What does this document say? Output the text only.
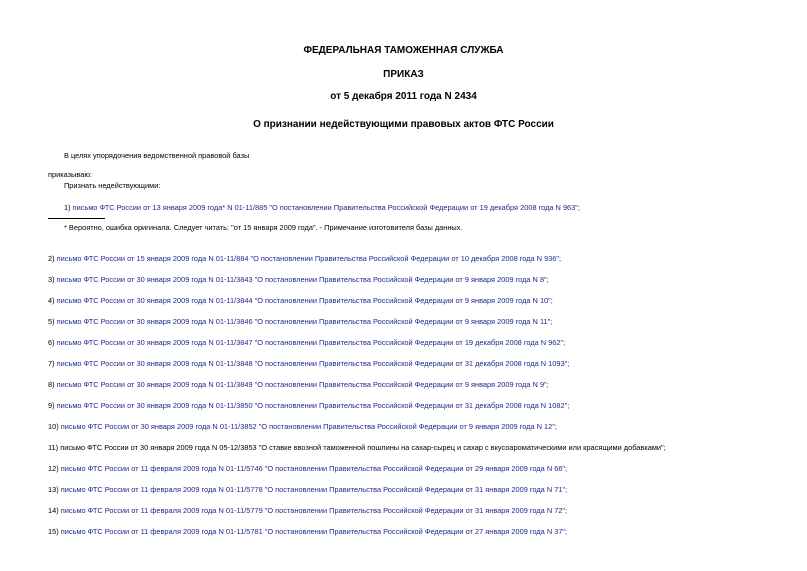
ФЕДЕРАЛЬНАЯ ТАМОЖЕННАЯ СЛУЖБА
ПРИКАЗ
от 5 декабря 2011 года N 2434
О признании недействующими правовых актов ФТС России
В целях упорядочения ведомственной правовой базы
приказываю:
Признать недействующими:
1) письмо ФТС России от 13 января 2009 года* N 01-11/885 "О постановлении Правительства Российской Федерации от 19 декабря 2008 года N 963";
* Вероятно, ошибка оригинала. Следует читать: "от 15 января 2009 года". - Примечание изготовителя базы данных.
2) письмо ФТС России от 15 января 2009 года N 01-11/884 "О постановлении Правительства Российской Федерации от 10 декабря 2008 года N 936";
3) письмо ФТС России от 30 января 2009 года N 01-11/3843 "О постановлении Правительства Российской Федерации от 9 января 2009 года N 8";
4) письмо ФТС России от 30 января 2009 года N 01-11/3844 "О постановлении Правительства Российской Федерации от 9 января 2009 года N 10";
5) письмо ФТС России от 30 января 2009 года N 01-11/3846 "О постановлении Правительства Российской Федерации от 9 января 2009 года N 11";
6) письмо ФТС России от 30 января 2009 года N 01-11/3847 "О постановлении Правительства Российской Федерации от 19 декабря 2008 года N 962";
7) письмо ФТС России от 30 января 2009 года N 01-11/3848 "О постановлении Правительства Российской Федерации от 31 декабря 2008 года N 1093";
8) письмо ФТС России от 30 января 2009 года N 01-11/3849 "О постановлении Правительства Российской Федерации от 9 января 2009 года N 9";
9) письмо ФТС России от 30 января 2009 года N 01-11/3850 "О постановлении Правительства Российской Федерации от 31 декабря 2008 года N 1082";
10) письмо ФТС России от 30 января 2009 года N 01-11/3852 "О постановлении Правительства Российской Федерации от 9 января 2009 года N 12";
11) письмо ФТС России от 30 января 2009 года N 05-12/3853 "О ставке ввозной таможенной пошлины на сахар-сырец и сахар с вкусоароматическими или красящими добавками";
12) письмо ФТС России от 11 февраля 2009 года N 01-11/5746 "О постановлении Правительства Российской Федерации от 29 января 2009 года N 66";
13) письмо ФТС России от 11 февраля 2009 года N 01-11/5778 "О постановлении Правительства Российской Федерации от 31 января 2009 года N 71";
14) письмо ФТС России от 11 февраля 2009 года N 01-11/5779 "О постановлении Правительства Российской Федерации от 31 января 2009 года N 72";
15) письмо ФТС России от 11 февраля 2009 года N 01-11/5781 "О постановлении Правительства Российской Федерации от 27 января 2009 года N 37";
